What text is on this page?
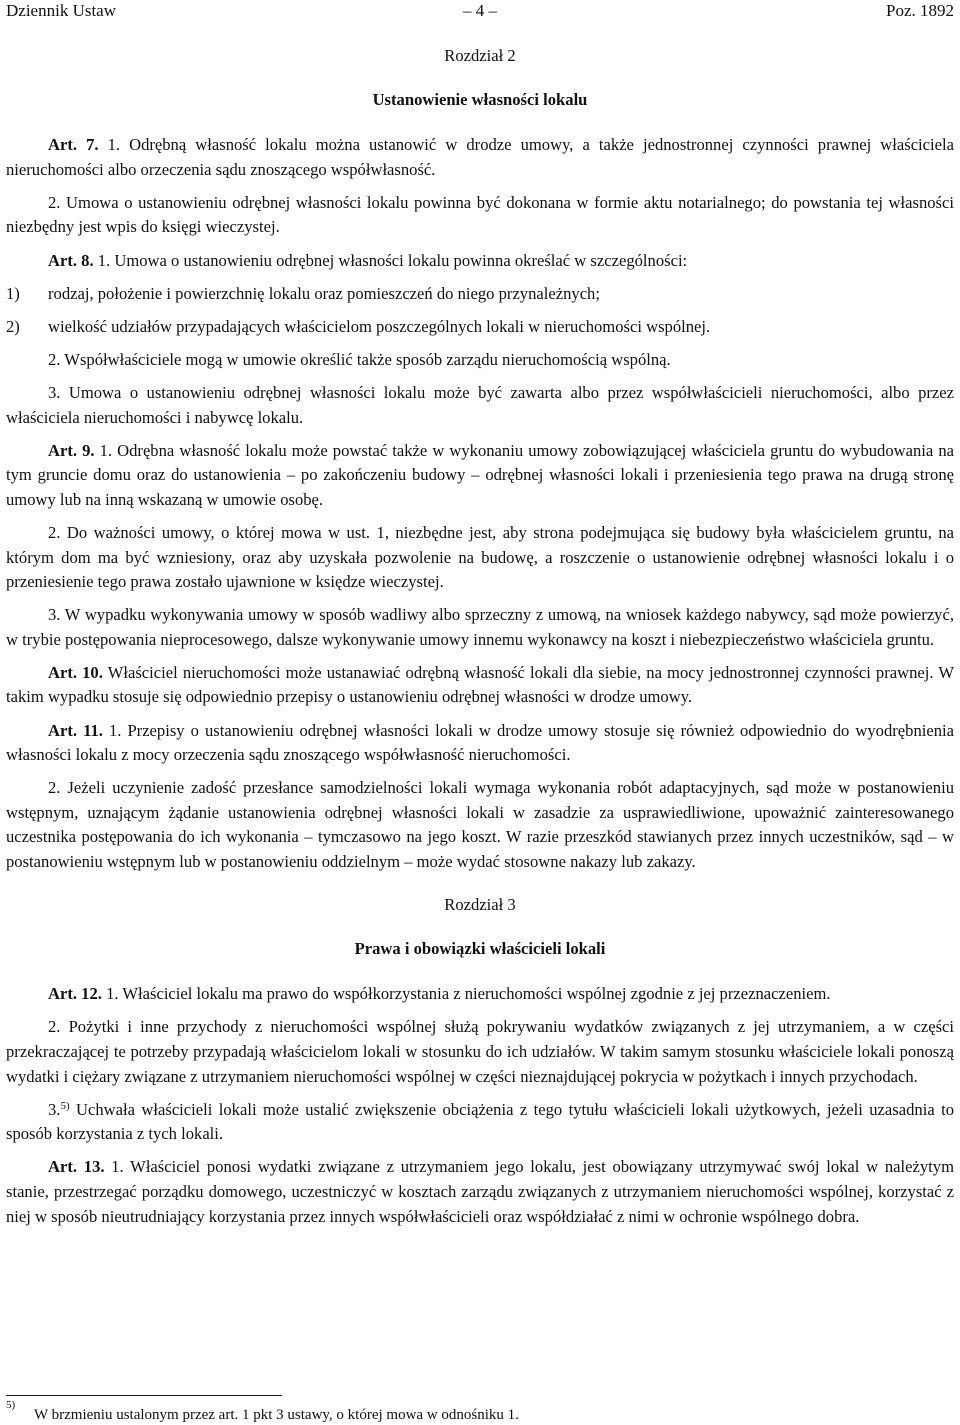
Dziennik Ustaw	– 4 –	Poz. 1892
Rozdział 2
Ustanowienie własności lokalu

Art. 7. 1. Odrębną własność lokalu można ustanowić w drodze umowy, a także jednostronnej czynności prawnej właściciela nieruchomości albo orzeczenia sądu znoszącego współwłasność.

2. Umowa o ustanowieniu odrębnej własności lokalu powinna być dokonana w formie aktu notarialnego; do powstania tej własności niezbędny jest wpis do księgi wieczystej.

Art. 8. 1. Umowa o ustanowieniu odrębnej własności lokalu powinna określać w szczególności:

1) rodzaj, położenie i powierzchnię lokalu oraz pomieszczeń do niego przynależnych;
2) wielkość udziałów przypadających właścicielom poszczególnych lokali w nieruchomości wspólnej.

2. Współwłaściciele mogą w umowie określić także sposób zarządu nieruchomością wspólną.

3. Umowa o ustanowieniu odrębnej własności lokalu może być zawarta albo przez współwłaścicieli nieruchomości, albo przez właściciela nieruchomości i nabywcę lokalu.

Art. 9. 1. Odrębna własność lokalu może powstać także w wykonaniu umowy zobowiązującej właściciela gruntu do wybudowania na tym gruncie domu oraz do ustanowienia – po zakończeniu budowy – odrębnej własności lokali i przeniesienia tego prawa na drugą stronę umowy lub na inną wskazaną w umowie osobę.

2. Do ważności umowy, o której mowa w ust. 1, niezbędne jest, aby strona podejmująca się budowy była właścicielem gruntu, na którym dom ma być wzniesiony, oraz aby uzyskała pozwolenie na budowę, a roszczenie o ustanowienie odrębnej własności lokalu i o przeniesienie tego prawa zostało ujawnione w księdze wieczystej.

3. W wypadku wykonywania umowy w sposób wadliwy albo sprzeczny z umową, na wniosek każdego nabywcy, sąd może powierzyć, w trybie postępowania nieprocesowego, dalsze wykonywanie umowy innemu wykonawcy na koszt i niebezpieczeństwo właściciela gruntu.

Art. 10. Właściciel nieruchomości może ustanawiać odrębną własność lokali dla siebie, na mocy jednostronnej czynności prawnej. W takim wypadku stosuje się odpowiednio przepisy o ustanowieniu odrębnej własności w drodze umowy.

Art. 11. 1. Przepisy o ustanowieniu odrębnej własności lokali w drodze umowy stosuje się również odpowiednio do wyodrębnienia własności lokalu z mocy orzeczenia sądu znoszącego współwłasność nieruchomości.

2. Jeżeli uczynienie zadość przesłance samodzielności lokali wymaga wykonania robót adaptacyjnych, sąd może w postanowieniu wstępnym, uznającym żądanie ustanowienia odrębnej własności lokali w zasadzie za usprawiedliwione, upoważnić zainteresowanego uczestnika postępowania do ich wykonania – tymczasowo na jego koszt. W razie przeszkód stawianych przez innych uczestników, sąd – w postanowieniu wstępnym lub w postanowieniu oddzielnym – może wydać stosowne nakazy lub zakazy.

Rozdział 3
Prawa i obowiązki właścicieli lokali

Art. 12. 1. Właściciel lokalu ma prawo do współkorzystania z nieruchomości wspólnej zgodnie z jej przeznaczeniem.

2. Pożytki i inne przychody z nieruchomości wspólnej służą pokrywaniu wydatków związanych z jej utrzymaniem, a w części przekraczającej te potrzeby przypadają właścicielom lokali w stosunku do ich udziałów. W takim samym stosunku właściciele lokali ponoszą wydatki i ciężary związane z utrzymaniem nieruchomości wspólnej w części nieznajdującej pokrycia w pożytkach i innych przychodach.

3.$^{5)}$ Uchwała właścicieli lokali może ustalić zwiększenie obciążenia z tego tytułu właścicieli lokali użytkowych, jeżeli uzasadnia to sposób korzystania z tych lokali.

Art. 13. 1. Właściciel ponosi wydatki związane z utrzymaniem jego lokalu, jest obowiązany utrzymywać swój lokal w należytym stanie, przestrzegać porządku domowego, uczestniczyć w kosztach zarządu związanych z utrzymaniem nieruchomości wspólnej, korzystać z niej w sposób nieutrudniający korzystania przez innych współwłaścicieli oraz współdziałać z nimi w ochronie wspólnego dobra.

5)
W brzmieniu ustalonym przez art. 1 pkt 3 ustawy, o której mowa w odnośniku 1.
